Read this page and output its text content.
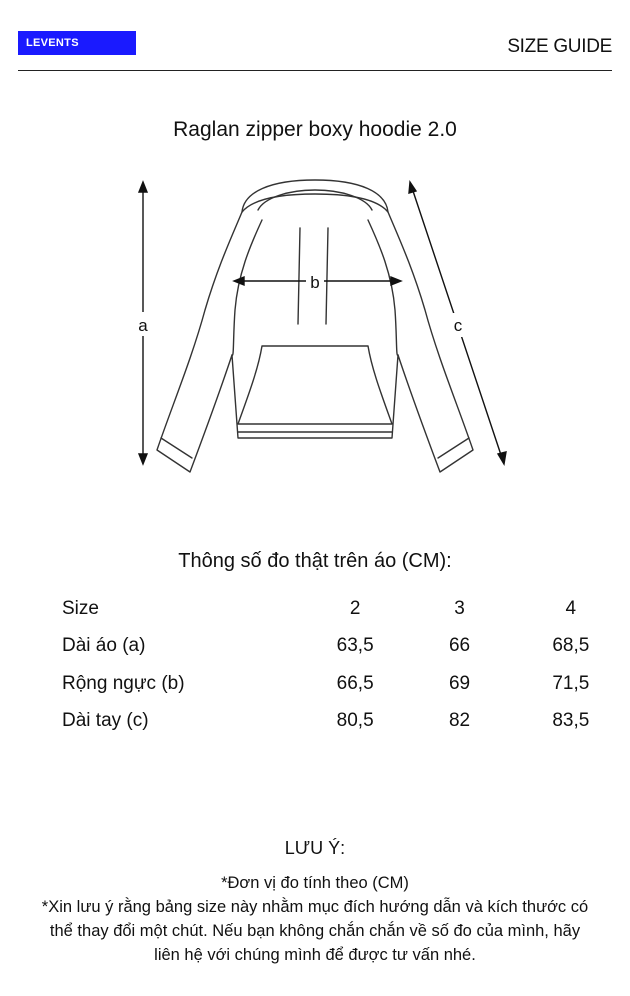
LEVENTS	SIZE GUIDE
Raglan zipper boxy hoodie 2.0
a
b
c
Thông số đo thật trên áo (CM):
Size	2	3	4
Dài áo (a)	63,5	66	68,5
Rộng ngực (b)	66,5	69	71,5
Dài tay (c)	80,5	82	83,5
LƯU Ý:

*Đơn vị đo tính theo (CM)

*Xin lưu ý rằng bảng size này nhằm mục đích hướng dẫn và kích thước có thể thay đổi một chút. Nếu bạn không chắn chắn về số đo của mình, hãy liên hệ với chúng mình để được tư vấn nhé.
